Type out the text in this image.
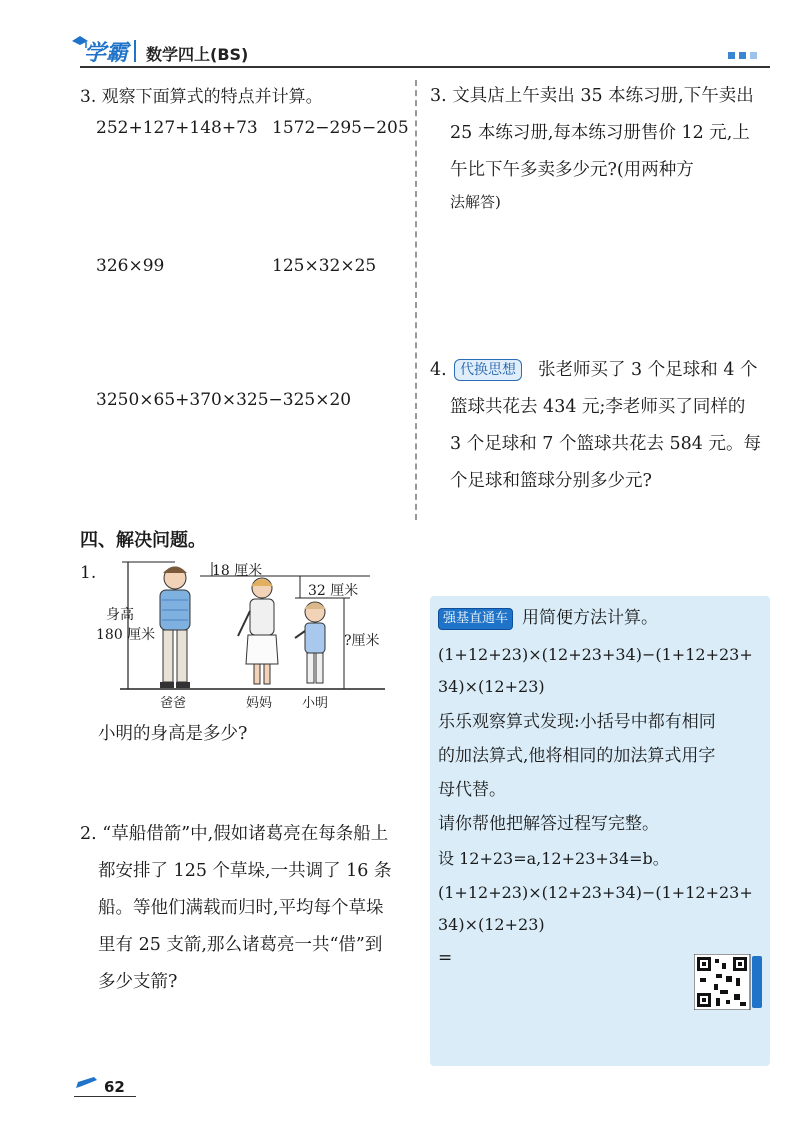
学霸 数学四上(BS)
3. 观察下面算式的特点并计算。
252+127+148+73 1572−295−205
326×99	125×32×25
3250×65+370×325−325×20
四、解决问题。
1.	18 厘米
32 厘米
身高
180 厘米	?厘米
爸爸	妈妈 小明
小明的身高是多少?
2. “草船借箭”中,假如诸葛亮在每条船上
都安排了 125 个草垛,一共调了 16 条
船。等他们满载而归时,平均每个草垛
里有 25 支箭,那么诸葛亮一共“借”到
多少支箭?
3. 文具店上午卖出 35 本练习册,下午卖出
25 本练习册,每本练习册售价 12 元,上
午比下午多卖多少元?(用两种方
法解答)
4. 代换思想	张老师买了 3 个足球和 4 个
篮球共花去 434 元;李老师买了同样的
3 个足球和 7 个篮球共花去 584 元。每
个足球和篮球分别多少元?
强基直通车 用简便方法计算。
(1+12+23)×(12+23+34)−(1+12+23+
34)×(12+23)
乐乐观察算式发现:小括号中都有相同
的加法算式,他将相同的加法算式用字
母代替。
请你帮他把解答过程写完整。
设 12+23=a,12+23+34=b。
(1+12+23)×(12+23+34)−(1+12+23+
34)×(12+23)
=
62
